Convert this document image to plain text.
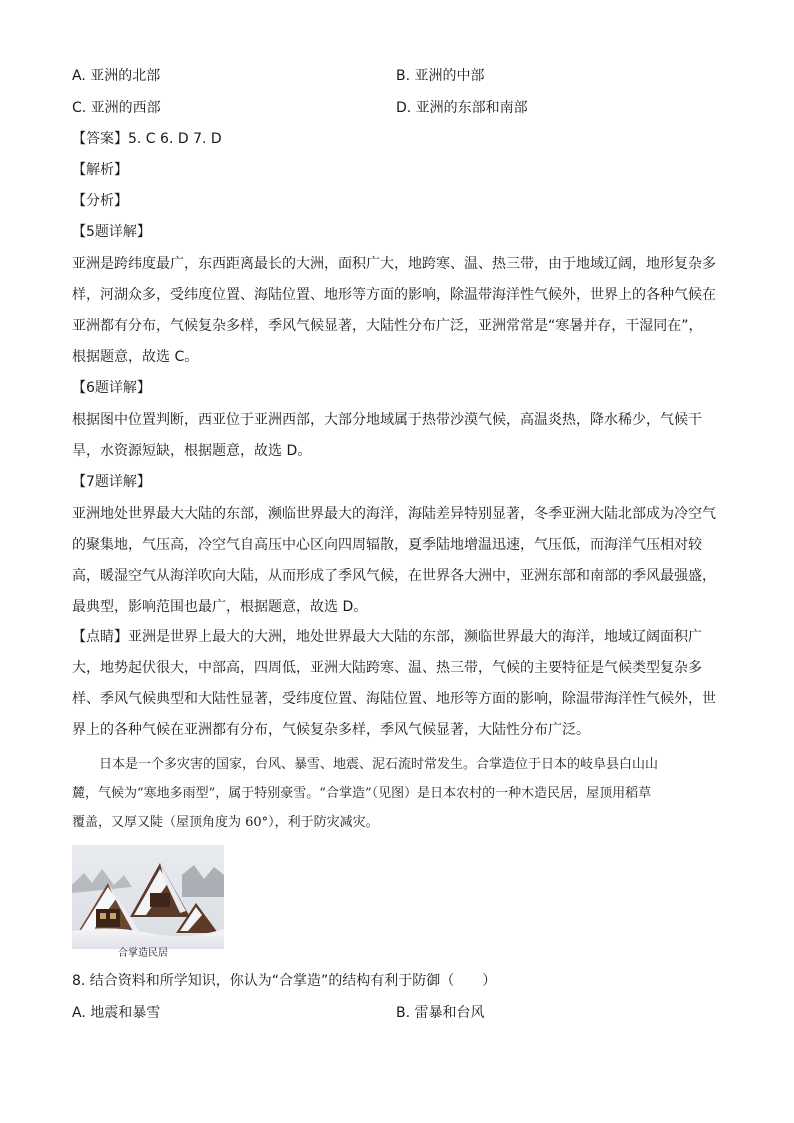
A. 亚洲的北部	B. 亚洲的中部
C. 亚洲的西部	D. 亚洲的东部和南部
【答案】5. C 6. D 7. D
【解析】
【分析】
【5题详解】

亚洲是跨纬度最广，东西距离最长的大洲，面积广大，地跨寒、温、热三带，由于地域辽阔，地形复杂多

样，河湖众多，受纬度位置、海陆位置、地形等方面的影响，除温带海洋性气候外，世界上的各种气候在

亚洲都有分布，气候复杂多样，季风气候显著，大陆性分布广泛，亚洲常常是“寒暑并存，干湿同在”，

根据题意，故选 C。

【6题详解】

根据图中位置判断，西亚位于亚洲西部，大部分地域属于热带沙漠气候，高温炎热，降水稀少，气候干

旱，水资源短缺，根据题意，故选 D。

【7题详解】

亚洲地处世界最大大陆的东部，濒临世界最大的海洋，海陆差异特别显著，冬季亚洲大陆北部成为冷空气

的聚集地，气压高，冷空气自高压中心区向四周辐散，夏季陆地增温迅速，气压低，而海洋气压相对较

高，暖湿空气从海洋吹向大陆，从而形成了季风气候，在世界各大洲中，亚洲东部和南部的季风最强盛，

最典型，影响范围也最广，根据题意，故选 D。

【点睛】亚洲是世界上最大的大洲，地处世界最大大陆的东部，濒临世界最大的海洋，地域辽阔面积广

大，地势起伏很大，中部高，四周低，亚洲大陆跨寒、温、热三带，气候的主要特征是气候类型复杂多

样、季风气候典型和大陆性显著，受纬度位置、海陆位置、地形等方面的影响，除温带海洋性气候外，世

界上的各种气候在亚洲都有分布，气候复杂多样，季风气候显著，大陆性分布广泛。

日本是一个多灾害的国家，台风、暴雪、地震、泥石流时常发生。合掌造位于日本的岐阜县白山山
麓，气候为“寒地多雨型”，属于特别豪雪。“合掌造”（见图）是日本农村的一种木造民居，屋顶用稻草
覆盖，又厚又陡（屋顶角度为 60°），利于防灾减灾。
合掌造民居
8. 结合资料和所学知识，你认为“合掌造”的结构有利于防御（　　）
A. 地震和暴雪	B. 雷暴和台风
